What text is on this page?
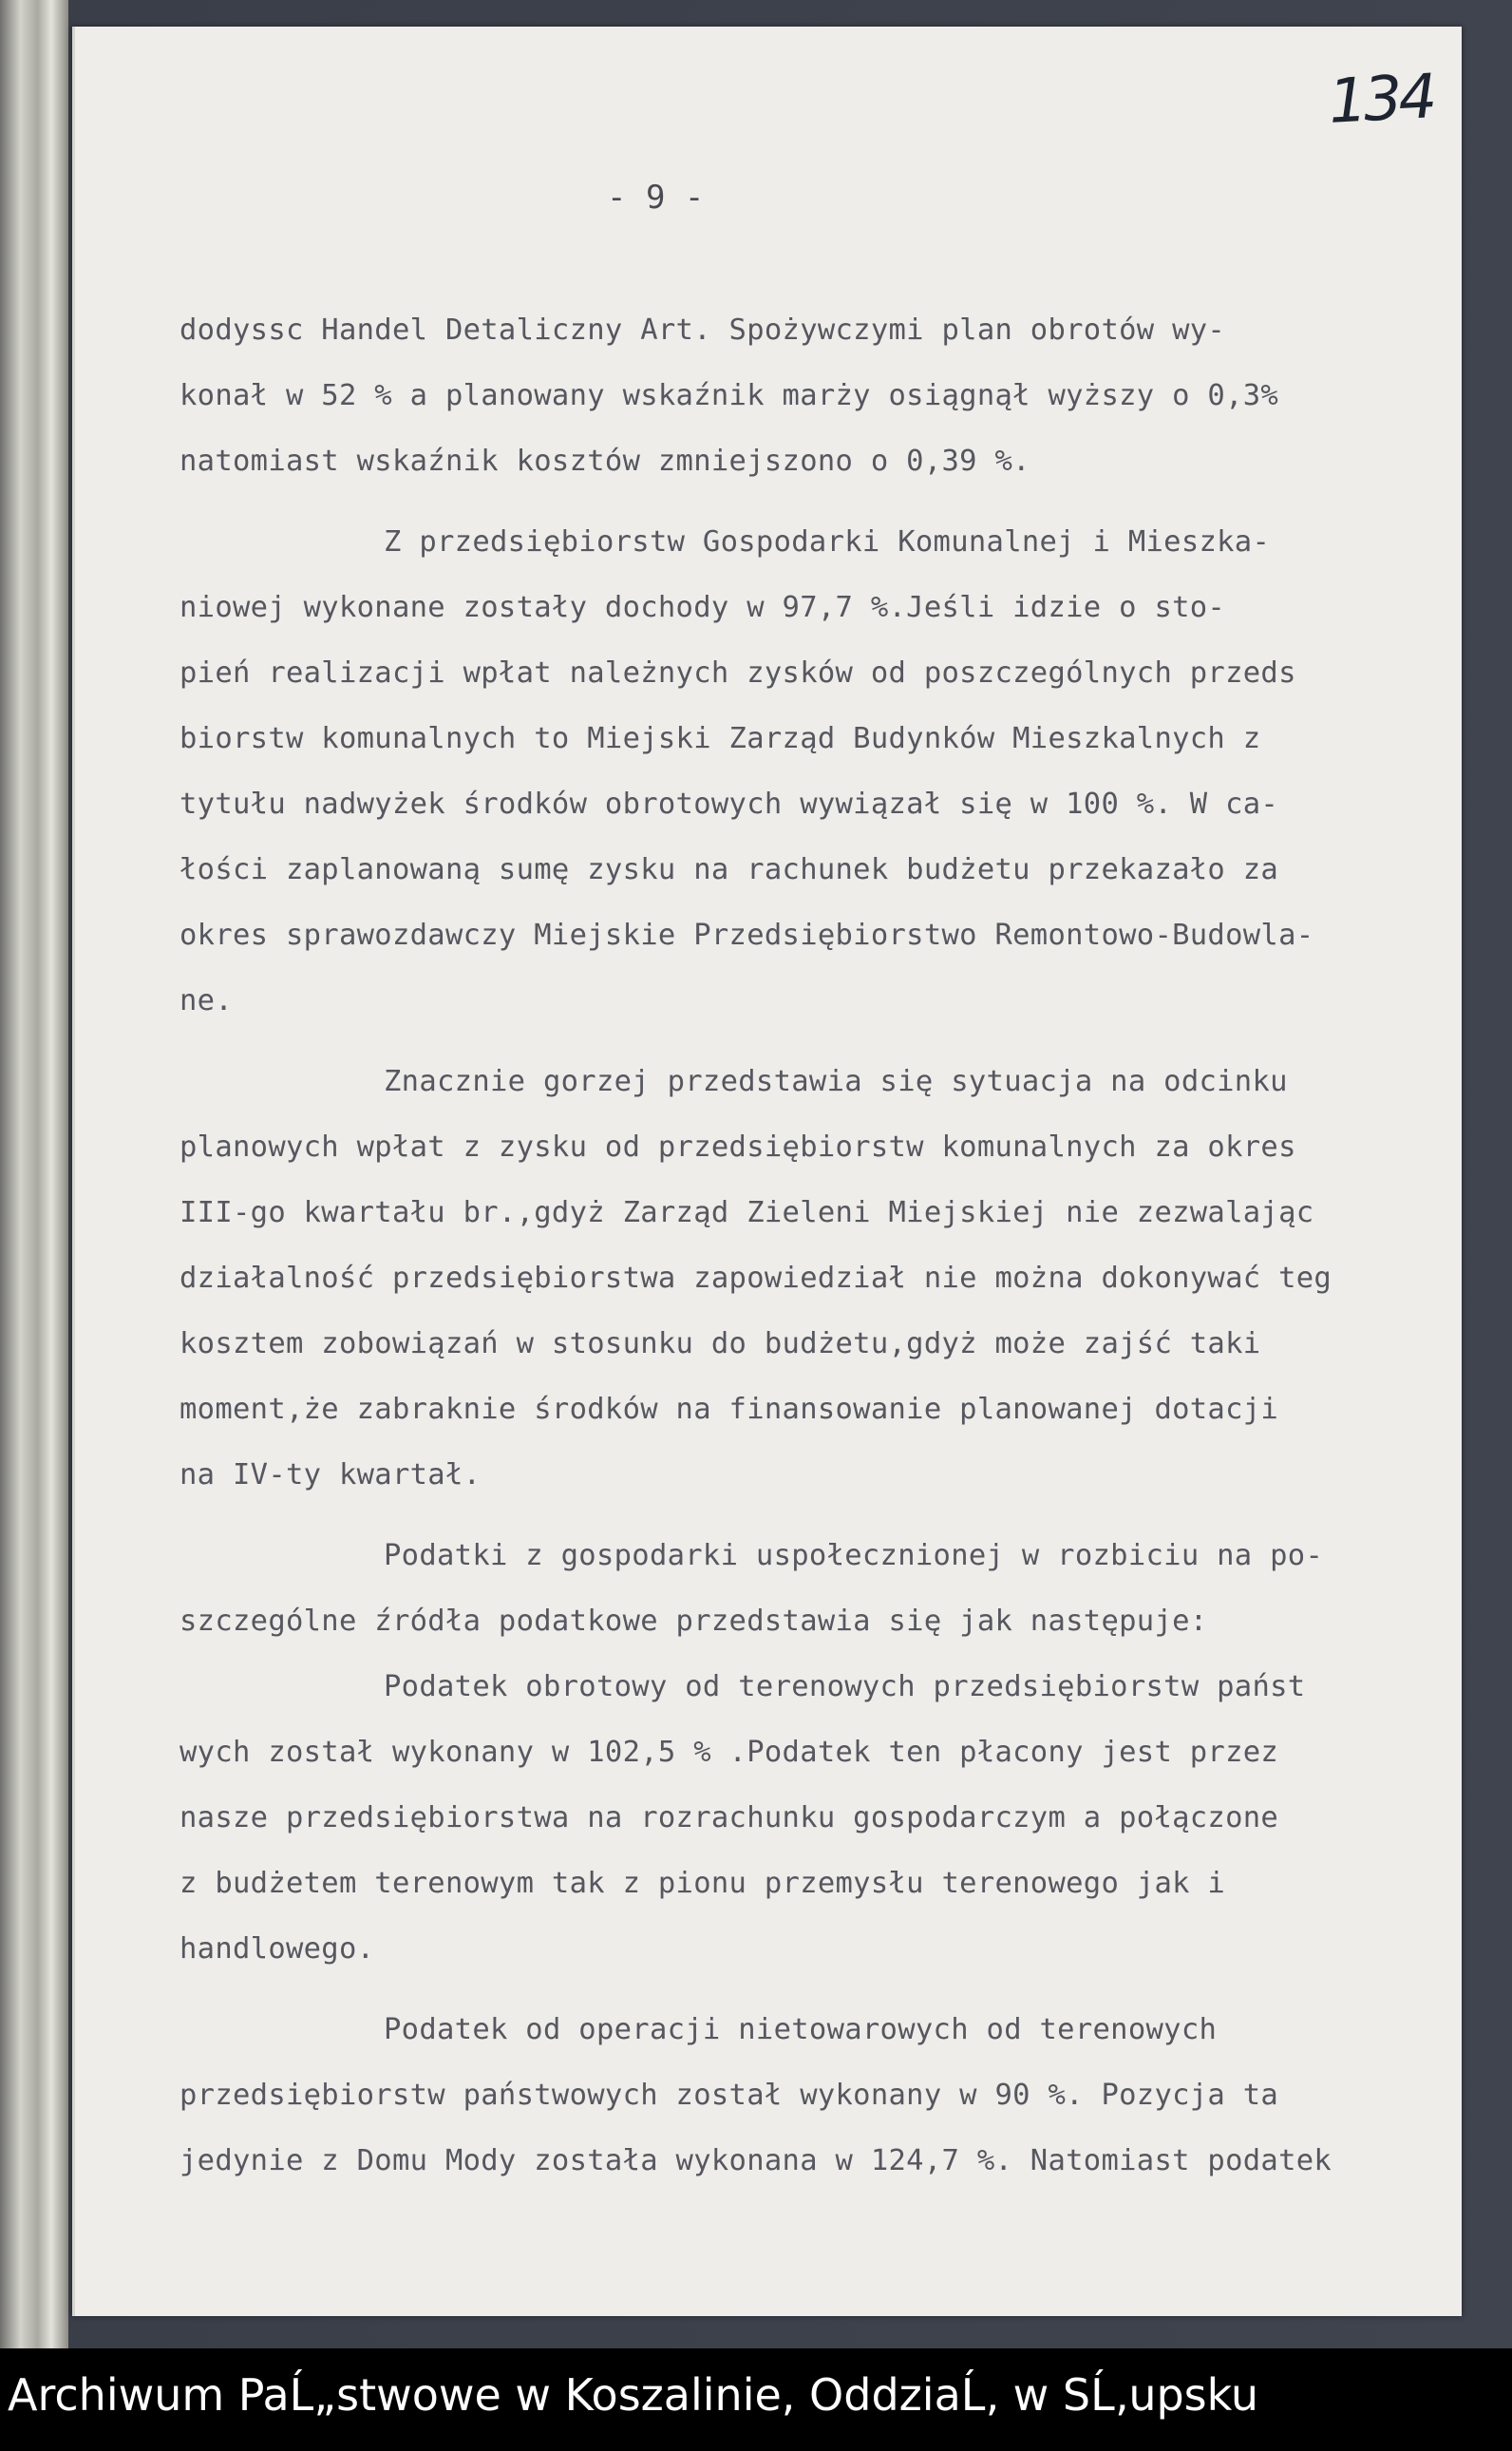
134
- 9 -
dodyssc Handel Detaliczny Art. Spożywczymi plan obrotów wy-
konał w 52 % a planowany wskaźnik marży osiągnął wyższy o 0,3%
natomiast wskaźnik kosztów zmniejszono o 0,39 %.
Z przedsiębiorstw Gospodarki Komunalnej i Mieszka-
niowej wykonane zostały dochody w 97,7 %.Jeśli idzie o sto-
pień realizacji wpłat należnych zysków od poszczególnych przeds
biorstw komunalnych to Miejski Zarząd Budynków Mieszkalnych z
tytułu nadwyżek środków obrotowych wywiązał się w 100 %. W ca-
łości zaplanowaną sumę zysku na rachunek budżetu przekazało za
okres sprawozdawczy Miejskie Przedsiębiorstwo Remontowo-Budowla-
ne.
Znacznie gorzej przedstawia się sytuacja na odcinku
planowych wpłat z zysku od przedsiębiorstw komunalnych za okres
III-go kwartału br.,gdyż Zarząd Zieleni Miejskiej nie zezwalając
działalność przedsiębiorstwa zapowiedział nie można dokonywać teg
kosztem zobowiązań w stosunku do budżetu,gdyż może zajść taki
moment,że zabraknie środków na finansowanie planowanej dotacji
na IV-ty kwartał.
Podatki z gospodarki uspołecznionej w rozbiciu na po-
szczególne źródła podatkowe przedstawia się jak następuje:
Podatek obrotowy od terenowych przedsiębiorstw państ
wych został wykonany w 102,5 % .Podatek ten płacony jest przez
nasze przedsiębiorstwa na rozrachunku gospodarczym a połączone
z budżetem terenowym tak z pionu przemysłu terenowego jak i
handlowego.
Podatek od operacji nietowarowych od terenowych
przedsiębiorstw państwowych został wykonany w 90 %. Pozycja ta
jedynie z Domu Mody została wykonana w 124,7 %. Natomiast podatek
Archiwum PaĹ„stwowe w Koszalinie, OddziaĹ‚ w SĹ‚upsku
